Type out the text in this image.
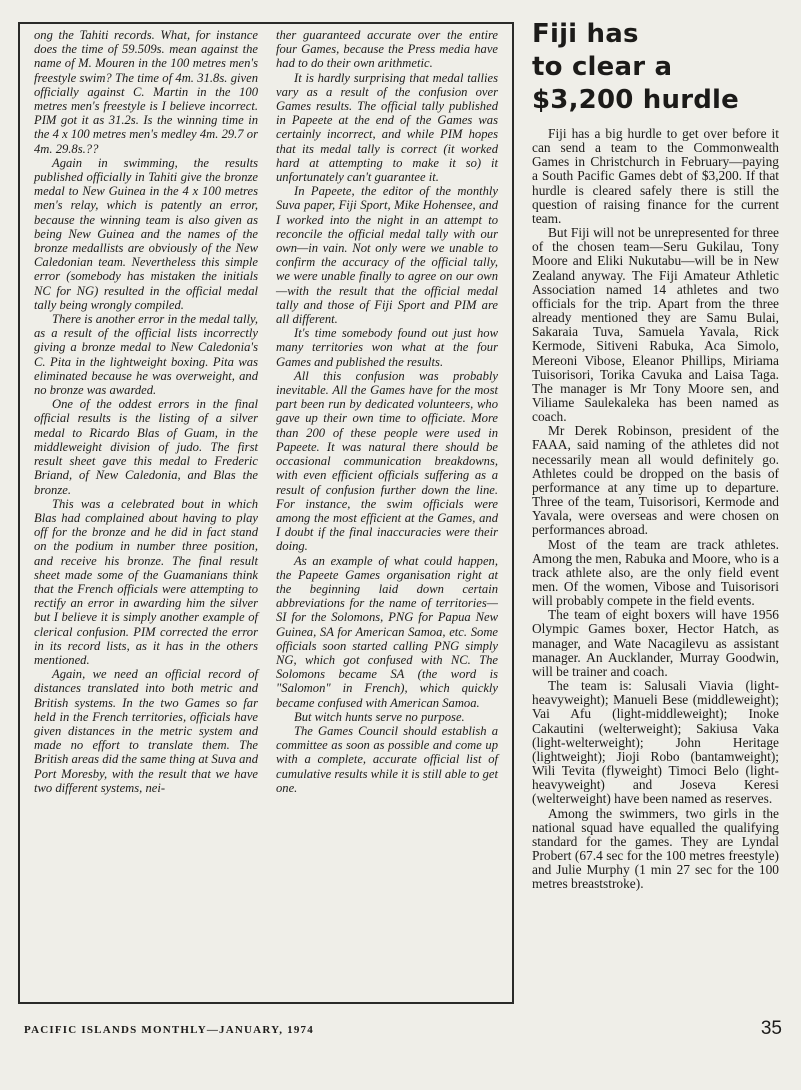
ong the Tahiti records. What, for instance does the time of 59.509s. mean against the name of M. Mouren in the 100 metres men's freestyle swim? The time of 4m. 31.8s. given officially against C. Martin in the 100 metres men's freestyle is I believe incorrect. PIM got it as 31.2s. Is the winning time in the 4 x 100 metres men's medley 4m. 29.7 or 4m. 29.8s.??

Again in swimming, the results published officially in Tahiti give the bronze medal to New Guinea in the 4 x 100 metres men's relay, which is patently an error, because the winning team is also given as being New Guinea and the names of the bronze medallists are obviously of the New Caledonian team. Nevertheless this simple error (somebody has mistaken the initials NC for NG) resulted in the official medal tally being wrongly compiled.

There is another error in the medal tally, as a result of the official lists incorrectly giving a bronze medal to New Caledonia's C. Pita in the lightweight boxing. Pita was eliminated because he was overweight, and no bronze was awarded.

One of the oddest errors in the final official results is the listing of a silver medal to Ricardo Blas of Guam, in the middleweight division of judo. The first result sheet gave this medal to Frederic Briand, of New Caledonia, and Blas the bronze.

This was a celebrated bout in which Blas had complained about having to play off for the bronze and he did in fact stand on the podium in number three position, and receive his bronze. The final result sheet made some of the Guamanians think that the French officials were attempting to rectify an error in awarding him the silver but I believe it is simply another example of clerical confusion. PIM corrected the error in its record lists, as it has in the others mentioned.

Again, we need an official record of distances translated into both metric and British systems. In the two Games so far held in the French territories, officials have given distances in the metric system and made no effort to translate them. The British areas did the same thing at Suva and Port Moresby, with the result that we have two different systems, nei-

ther guaranteed accurate over the entire four Games, because the Press media have had to do their own arithmetic.

It is hardly surprising that medal tallies vary as a result of the confusion over Games results. The official tally published in Papeete at the end of the Games was certainly incorrect, and while PIM hopes that its medal tally is correct (it worked hard at attempting to make it so) it unfortunately can't guarantee it.

In Papeete, the editor of the monthly Suva paper, Fiji Sport, Mike Hohensee, and I worked into the night in an attempt to reconcile the official medal tally with our own—in vain. Not only were we unable to confirm the accuracy of the official tally, we were unable finally to agree on our own —with the result that the official medal tally and those of Fiji Sport and PIM are all different.

It's time somebody found out just how many territories won what at the four Games and published the results.

All this confusion was probably inevitable. All the Games have for the most part been run by dedicated volunteers, who gave up their own time to officiate. More than 200 of these people were used in Papeete. It was natural there should be occasional communication breakdowns, with even efficient officials suffering as a result of confusion further down the line. For instance, the swim officials were among the most efficient at the Games, and I doubt if the final inaccuracies were their doing.

As an example of what could happen, the Papeete Games organisation right at the beginning laid down certain abbreviations for the name of territories—SI for the Solomons, PNG for Papua New Guinea, SA for American Samoa, etc. Some officials soon started calling PNG simply NG, which got confused with NC. The Solomons became SA (the word is "Salomon" in French), which quickly became confused with American Samoa.

But witch hunts serve no purpose.

The Games Council should establish a committee as soon as possible and come up with a complete, accurate official list of cumulative results while it is still able to get one.

Fiji has
to clear a
$3,200 hurdle

Fiji has a big hurdle to get over before it can send a team to the Commonwealth Games in Christchurch in February—paying a South Pacific Games debt of $3,200. If that hurdle is cleared safely there is still the question of raising finance for the current team.

But Fiji will not be unrepresented for three of the chosen team—Seru Gukilau, Tony Moore and Eliki Nukutabu—will be in New Zealand anyway. The Fiji Amateur Athletic Association named 14 athletes and two officials for the trip. Apart from the three already mentioned they are Samu Bulai, Sakaraia Tuva, Samuela Yavala, Rick Kermode, Sitiveni Rabuka, Aca Simolo, Mereoni Vibose, Eleanor Phillips, Miriama Tuisorisori, Torika Cavuka and Laisa Taga. The manager is Mr Tony Moore sen, and Viliame Saulekaleka has been named as coach.

Mr Derek Robinson, president of the FAAA, said naming of the athletes did not necessarily mean all would definitely go. Athletes could be dropped on the basis of performance at any time up to departure. Three of the team, Tuisorisori, Kermode and Yavala, were overseas and were chosen on performances abroad.

Most of the team are track athletes. Among the men, Rabuka and Moore, who is a track athlete also, are the only field event men. Of the women, Vibose and Tuisorisori will probably compete in the field events.

The team of eight boxers will have 1956 Olympic Games boxer, Hector Hatch, as manager, and Wate Nacagilevu as assistant manager. An Aucklander, Murray Goodwin, will be trainer and coach.

The team is: Salusali Viavia (light-heavyweight); Manueli Bese (middleweight); Vai Afu (light-middleweight); Inoke Cakautini (welterweight); Sakiusa Vaka (light-welterweight); John Heritage (lightweight); Jioji Robo (bantamweight); Wili Tevita (flyweight) Timoci Belo (light-heavyweight) and Joseva Keresi (welterweight) have been named as reserves.

Among the swimmers, two girls in the national squad have equalled the qualifying standard for the games. They are Lyndal Probert (67.4 sec for the 100 metres freestyle) and Julie Murphy (1 min 27 sec for the 100 metres breaststroke).

PACIFIC ISLANDS MONTHLY—JANUARY, 1974	35
